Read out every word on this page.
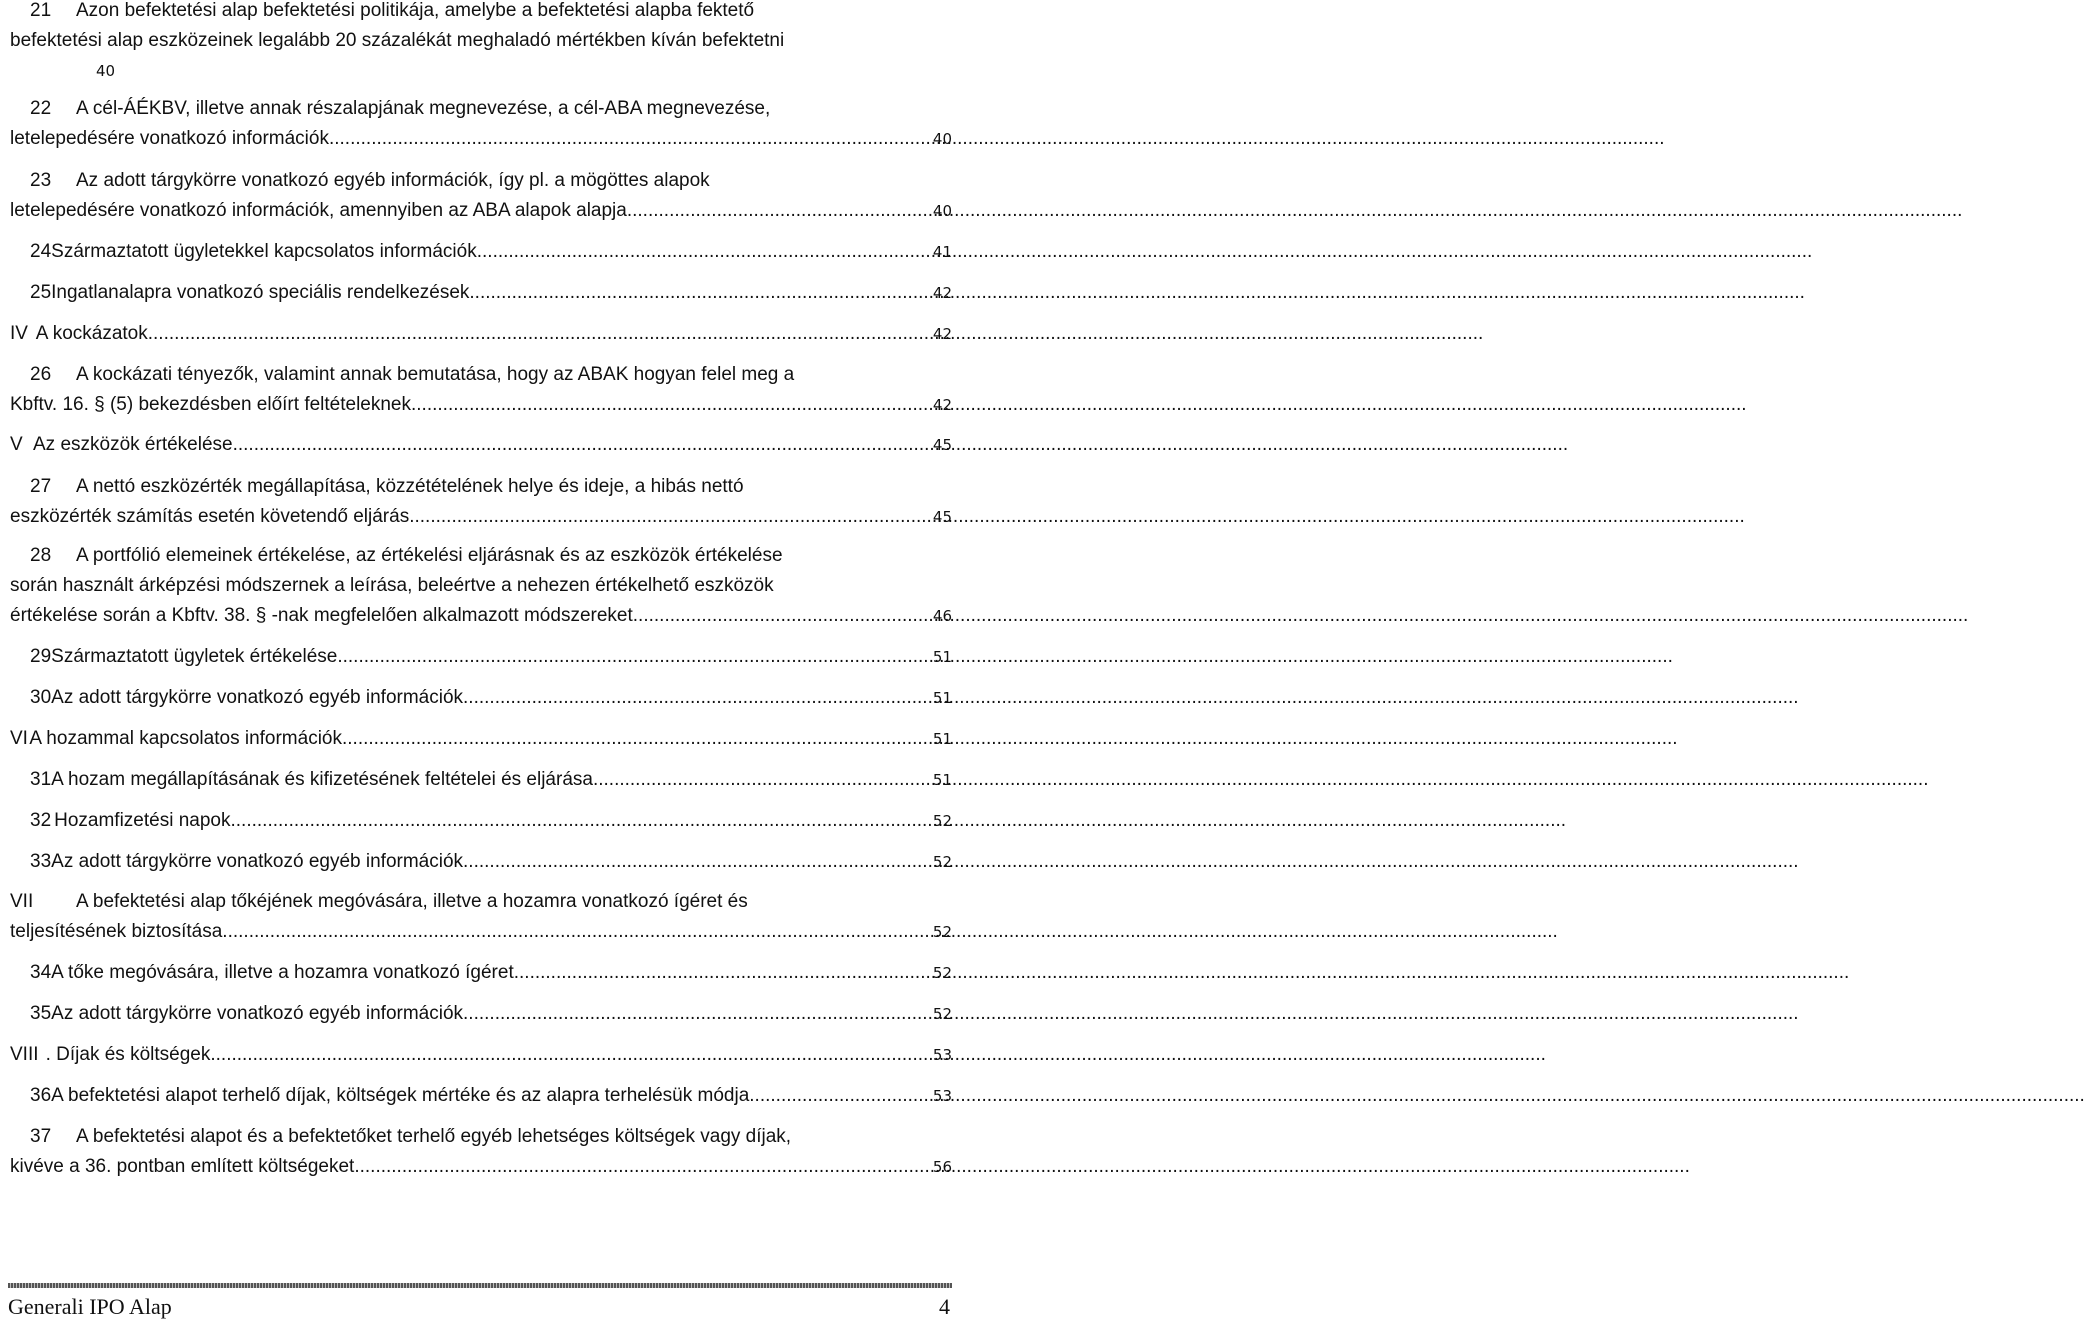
21	Azon befektetési alap befektetési politikája, amelybe a befektetési alapba fektető
befektetési alap eszközeinek legalább 20 százalékát meghaladó mértékben kíván befektetni
40
22	A cél-ÁÉKBV, illetve annak részalapjának megnevezése, a cél-ABA megnevezése,
letelepedésére vonatkozó információk .....	40
23	Az adott tárgykörre vonatkozó egyéb információk, így pl. a mögöttes alapok
letelepedésére vonatkozó információk, amennyiben az ABA alapok alapja .....	40
24 Származtatott ügyletekkel kapcsolatos információk .....	41
25 Ingatlanalapra vonatkozó speciális rendelkezések .....	42
IV A kockázatok .....	42
26	A kockázati tényezők, valamint annak bemutatása, hogy az ABAK hogyan felel meg a
Kbftv. 16. § (5) bekezdésben előírt feltételeknek .....	42
V Az eszközök értékelése .....	45
27	A nettó eszközérték megállapítása, közzétételének helye és ideje, a hibás nettó
eszközérték számítás esetén követendő eljárás .....	45
28	A portfólió elemeinek értékelése, az értékelési eljárásnak és az eszközök értékelése
során használt árképzési módszernek a leírása, beleértve a nehezen értékelhető eszközök
értékelése során a Kbftv. 38. § -nak megfelelően alkalmazott módszereket .....	46
29 Származtatott ügyletek értékelése .....	51
30 Az adott tárgykörre vonatkozó egyéb információk .....	51
VI A hozammal kapcsolatos információk .....	51
31 A hozam megállapításának és kifizetésének feltételei és eljárása .....	51
32 Hozamfizetési napok .....	52
33 Az adott tárgykörre vonatkozó egyéb információk .....	52
VII	A befektetési alap tőkéjének megóvására, illetve a hozamra vonatkozó ígéret és
teljesítésének biztosítása .....	52
34 A tőke megóvására, illetve a hozamra vonatkozó ígéret .....	52
35 Az adott tárgykörre vonatkozó egyéb információk .....	52
VIII . Díjak és költségek .....	53
36 A befektetési alapot terhelő díjak, költségek mértéke és az alapra terhelésük módja .....	53
37	A befektetési alapot és a befektetőket terhelő egyéb lehetséges költségek vagy díjak,
kivéve a 36. pontban említett költségeket .....	56
Generali IPO Alap	4
